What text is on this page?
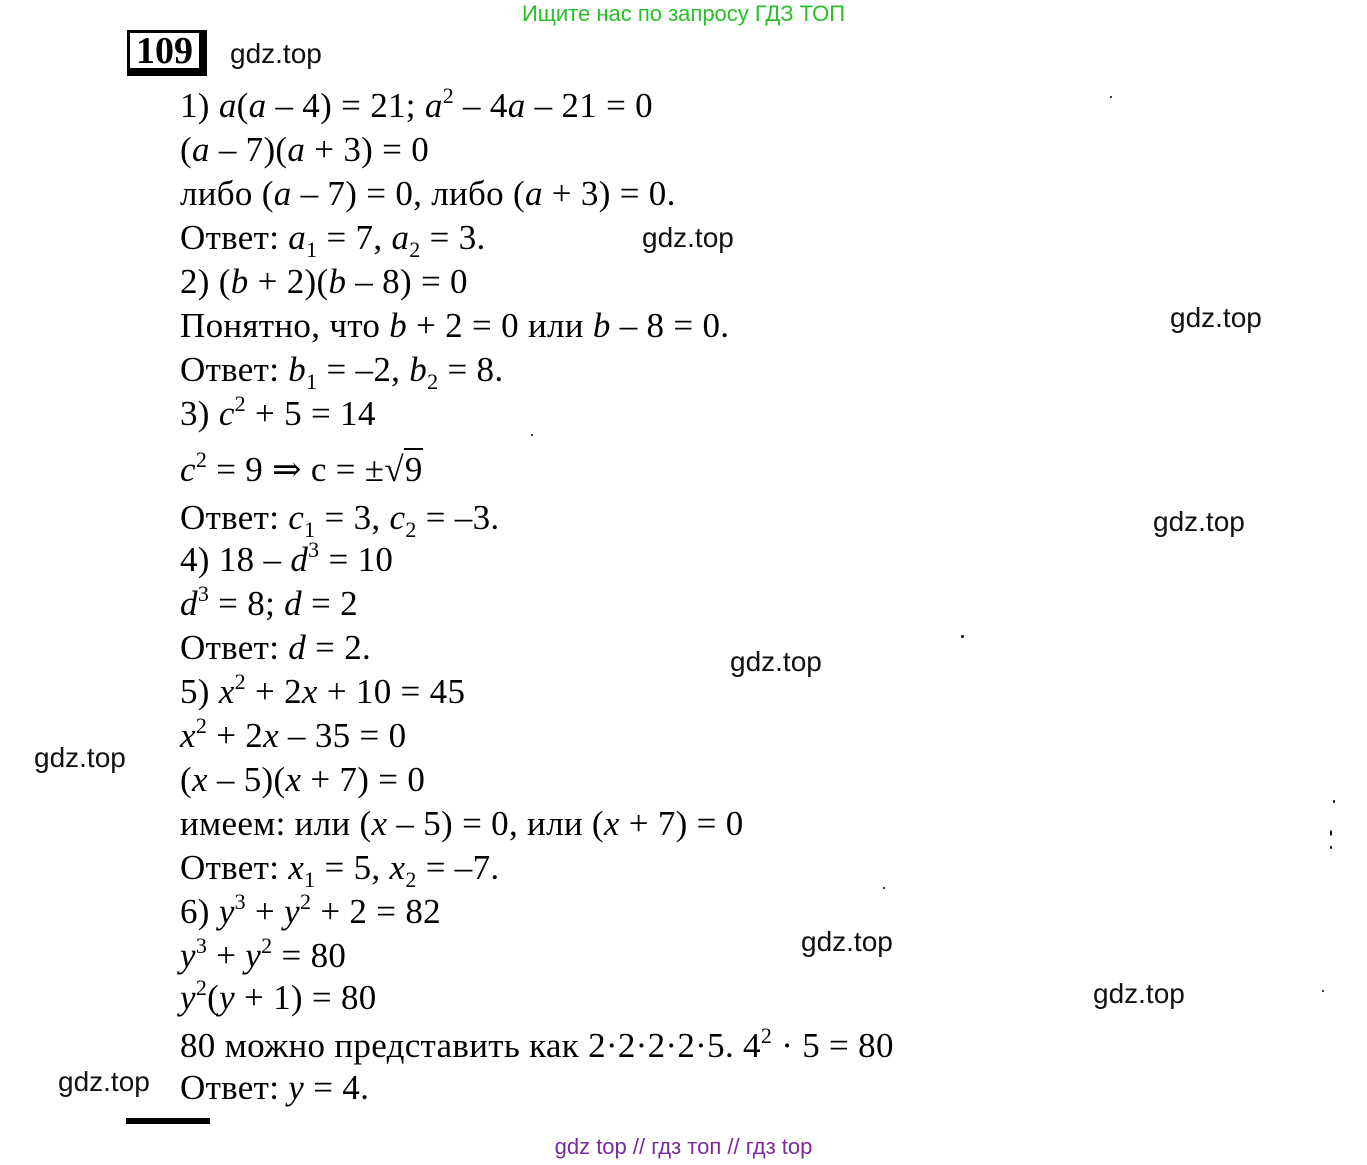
Ищите нас по запросу ГДЗ ТОП
109	gdz.top
gdz.top
gdz.top
gdz.top
gdz.top
gdz.top
gdz.top
gdz.top
gdz.top
1) a(a – 4) = 21; $a^2 - 4a - 21 = 0$
(a – 7)(a + 3) = 0
либо (a – 7) = 0, либо (a + 3) = 0.
Ответ: $a_1 = 7$, $a_2 = 3$.
2) (b + 2)(b – 8) = 0
Понятно, что b + 2 = 0 или b – 8 = 0.
Ответ: $b_1 = -2$, $b_2 = 8$.
3) $c^2 + 5 = 14$
$c^2 = 9$ ⇒ c = ±√9
Ответ: $c_1 = 3$, $c_2 = -3$.
4) $18 - d^3 = 10$
$d^3 = 8$; d = 2
Ответ: d = 2.
5) $x^2 + 2x + 10 = 45$
$x^2 + 2x - 35 = 0$
(x – 5)(x + 7) = 0
имеем: или (x – 5) = 0, или (x + 7) = 0
Ответ: $x_1 = 5$, $x_2 = -7$.
6) $y^3 + y^2 + 2 = 82$
$y^3 + y^2 = 80$
$y^2(y + 1) = 80$
80 можно представить как 2·2·2·2·5. $4^2 \cdot 5 = 80$
Ответ: y = 4.
gdz top // гдз топ // гдз top
